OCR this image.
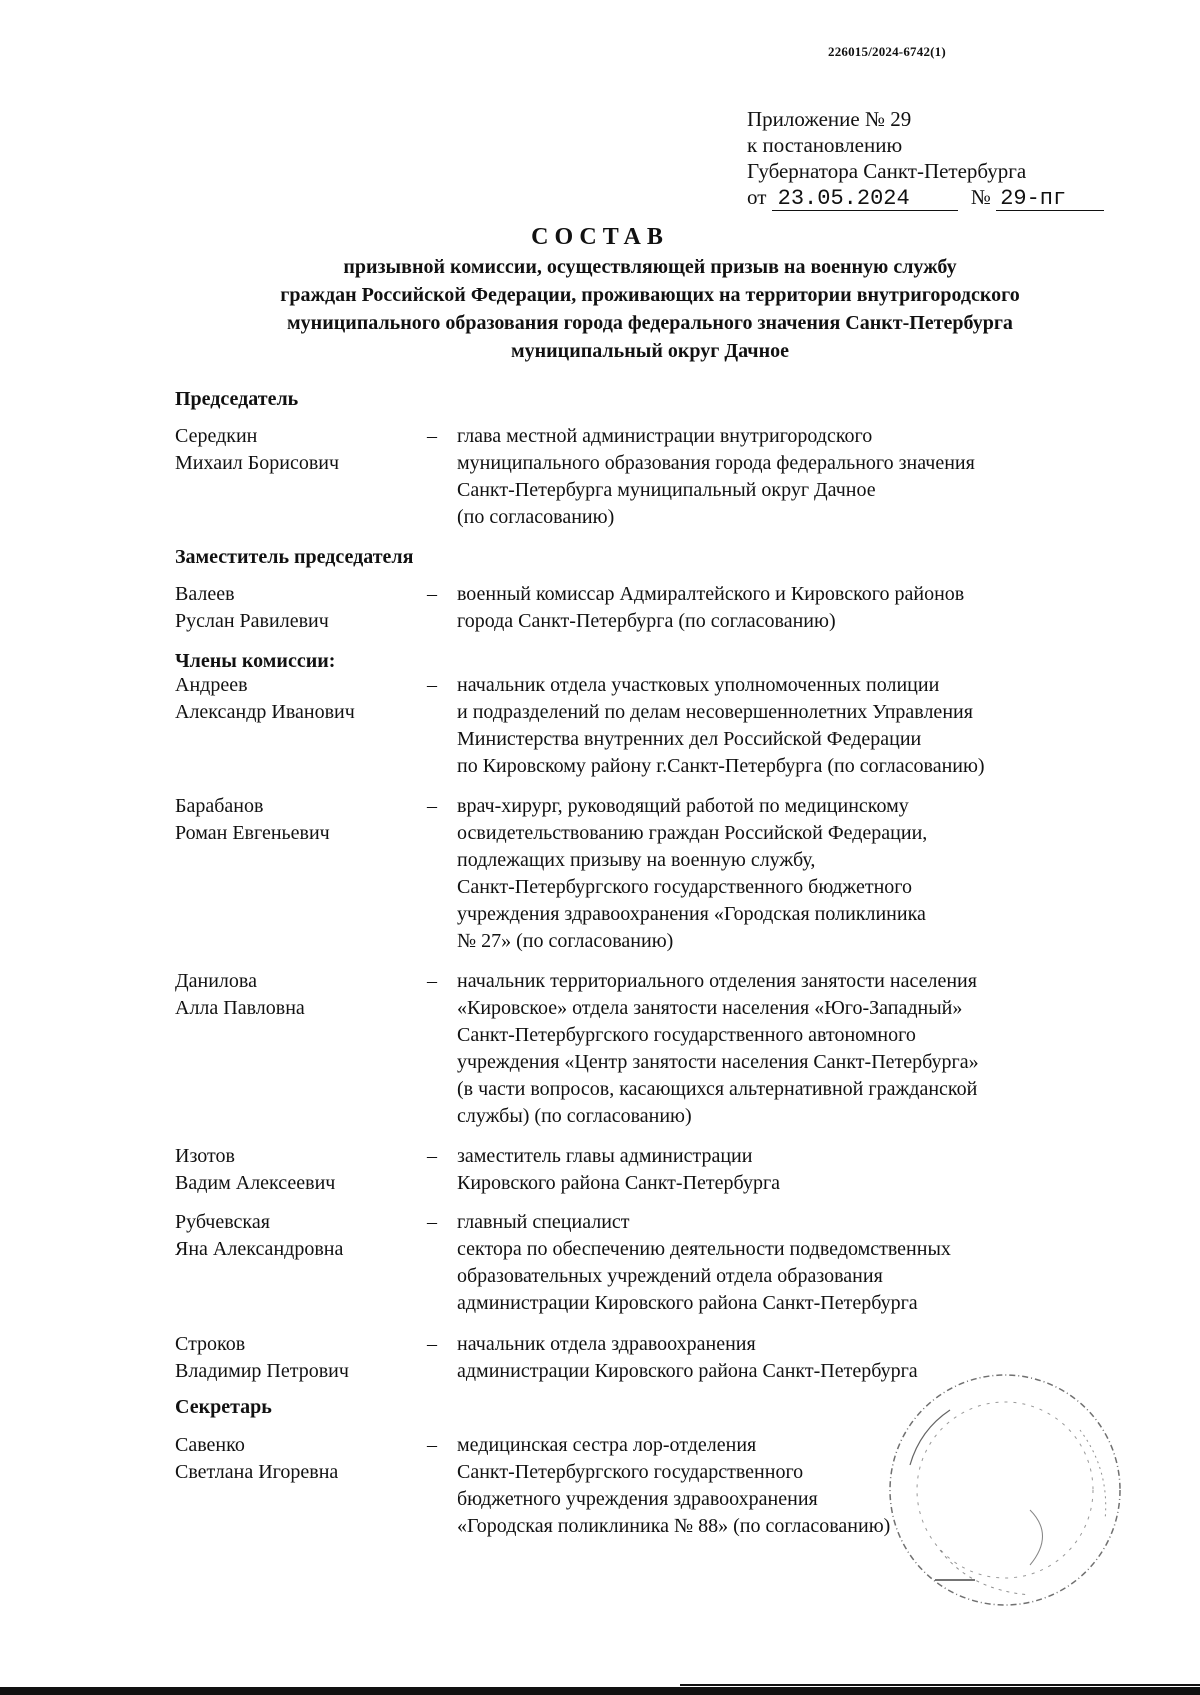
226015/2024-6742(1)
Приложение № 29
к постановлению
Губернатора Санкт-Петербурга
от 23.05.2024	№ 29-пг
СОСТАВ
призывной комиссии, осуществляющей призыв на военную службу
граждан Российской Федерации, проживающих на территории внутригородского
муниципального образования города федерального значения Санкт-Петербурга
муниципальный округ Дачное
Председатель
Заместитель председателя
Члены комиссии:
Секретарь
Середкин
Михаил Борисович
–	глава местной администрации внутригородского
муниципального образования города федерального значения
Санкт-Петербурга муниципальный округ Дачное
(по согласованию)
Валеев
Руслан Равилевич
–	военный комиссар Адмиралтейского и Кировского районов
города Санкт-Петербурга (по согласованию)
Андреев
Александр Иванович
–	начальник отдела участковых уполномоченных полиции
и подразделений по делам несовершеннолетних Управления
Министерства внутренних дел Российской Федерации
по Кировскому району г.Санкт-Петербурга (по согласованию)
Барабанов
Роман Евгеньевич
–	врач-хирург, руководящий работой по медицинскому
освидетельствованию граждан Российской Федерации,
подлежащих призыву на военную службу,
Санкт-Петербургского государственного бюджетного
учреждения здравоохранения «Городская поликлиника
№ 27» (по согласованию)
Данилова
Алла Павловна
–	начальник территориального отделения занятости населения
«Кировское» отдела занятости населения «Юго-Западный»
Санкт-Петербургского государственного автономного
учреждения «Центр занятости населения Санкт-Петербурга»
(в части вопросов, касающихся альтернативной гражданской
службы) (по согласованию)
Изотов
Вадим Алексеевич
–	заместитель главы администрации
Кировского района Санкт-Петербурга
Рубчевская
Яна Александровна
–	главный специалист
сектора по обеспечению деятельности подведомственных
образовательных учреждений отдела образования
администрации Кировского района Санкт-Петербурга
Строков
Владимир Петрович
–	начальник отдела здравоохранения
администрации Кировского района Санкт-Петербурга
Савенко
Светлана Игоревна
–	медицинская сестра лор-отделения
Санкт-Петербургского государственного
бюджетного учреждения здравоохранения
«Городская поликлиника № 88» (по согласованию)
